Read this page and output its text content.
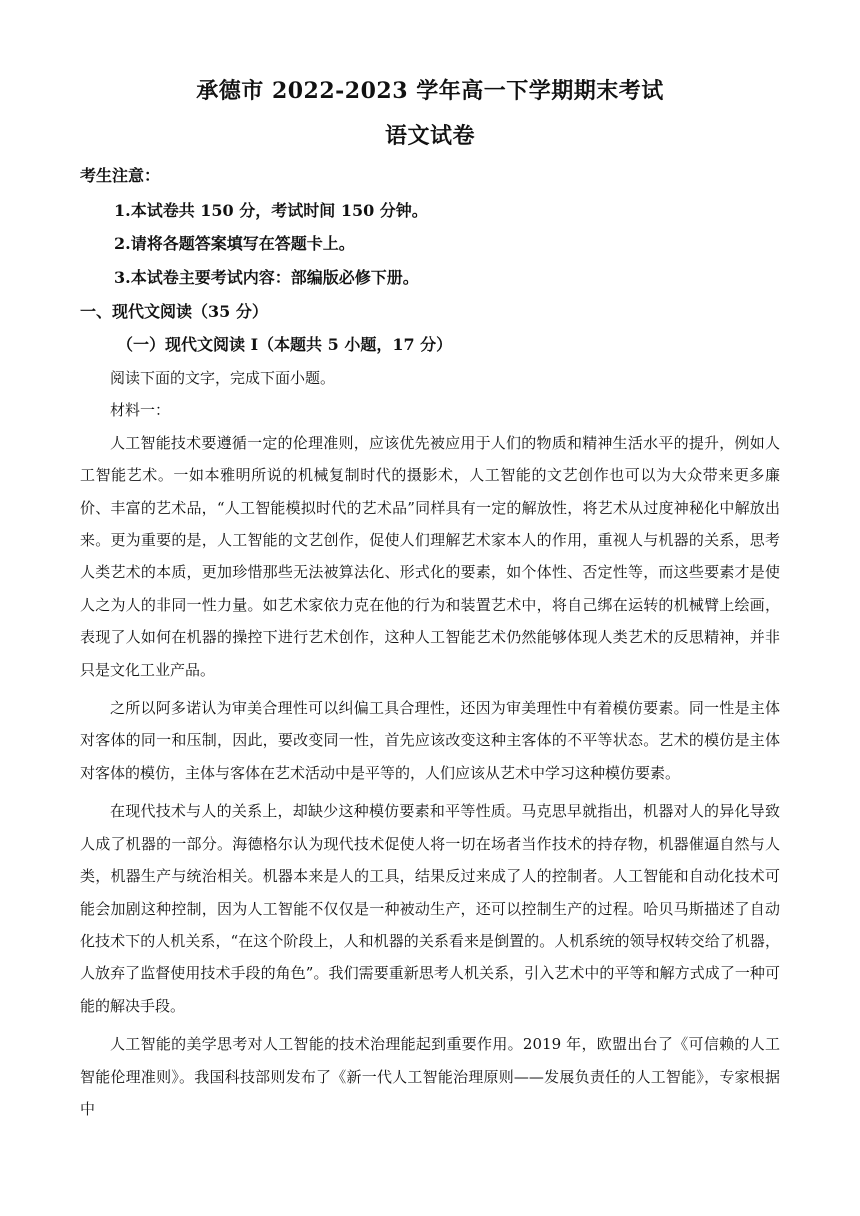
承德市 2022-2023 学年高一下学期期末考试
语文试卷
考生注意：
1.本试卷共 150 分，考试时间 150 分钟。
2.请将各题答案填写在答题卡上。
3.本试卷主要考试内容：部编版必修下册。
一、现代文阅读（35 分）
（一）现代文阅读 I（本题共 5 小题，17 分）

阅读下面的文字，完成下面小题。

材料一：

人工智能技术要遵循一定的伦理准则，应该优先被应用于人们的物质和精神生活水平的提升，例如人工智能艺术。一如本雅明所说的机械复制时代的摄影术，人工智能的文艺创作也可以为大众带来更多廉价、丰富的艺术品，“人工智能模拟时代的艺术品”同样具有一定的解放性，将艺术从过度神秘化中解放出来。更为重要的是，人工智能的文艺创作，促使人们理解艺术家本人的作用，重视人与机器的关系，思考人类艺术的本质，更加珍惜那些无法被算法化、形式化的要素，如个体性、否定性等，而这些要素才是使人之为人的非同一性力量。如艺术家依力克在他的行为和装置艺术中，将自己绑在运转的机械臂上绘画，表现了人如何在机器的操控下进行艺术创作，这种人工智能艺术仍然能够体现人类艺术的反思精神，并非只是文化工业产品。

之所以阿多诺认为审美合理性可以纠偏工具合理性，还因为审美理性中有着模仿要素。同一性是主体对客体的同一和压制，因此，要改变同一性，首先应该改变这种主客体的不平等状态。艺术的模仿是主体对客体的模仿，主体与客体在艺术活动中是平等的，人们应该从艺术中学习这种模仿要素。

在现代技术与人的关系上，却缺少这种模仿要素和平等性质。马克思早就指出，机器对人的异化导致人成了机器的一部分。海德格尔认为现代技术促使人将一切在场者当作技术的持存物，机器催逼自然与人类，机器生产与统治相关。机器本来是人的工具，结果反过来成了人的控制者。人工智能和自动化技术可能会加剧这种控制，因为人工智能不仅仅是一种被动生产，还可以控制生产的过程。哈贝马斯描述了自动化技术下的人机关系，“在这个阶段上，人和机器的关系看来是倒置的。人机系统的领导权转交给了机器，人放弃了监督使用技术手段的角色”。我们需要重新思考人机关系，引入艺术中的平等和解方式成了一种可能的解决手段。

人工智能的美学思考对人工智能的技术治理能起到重要作用。2019 年，欧盟出台了《可信赖的人工智能伦理准则》。我国科技部则发布了《新一代人工智能治理原则——发展负责任的人工智能》，专家根据中
